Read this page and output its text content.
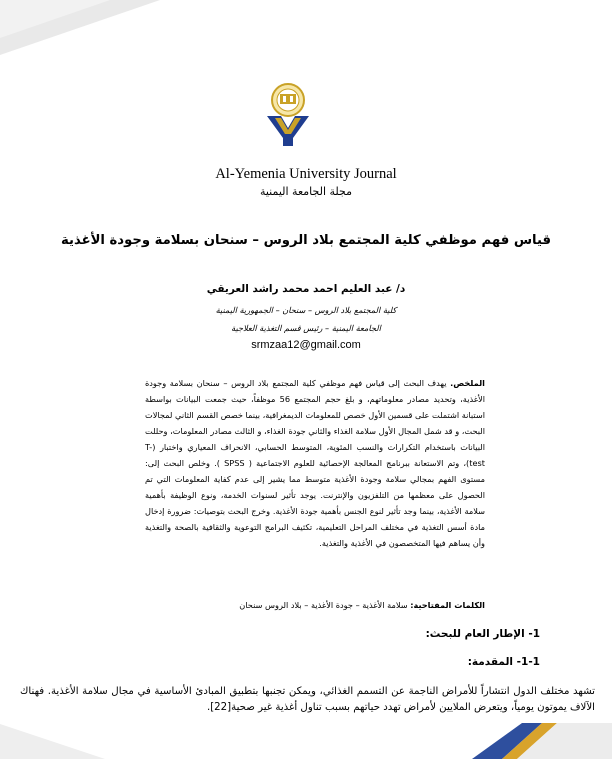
Al-Yemenia University Journal
مجلة الجامعة اليمنية
قياس فهم موظفي كلية المجتمع بلاد الروس – سنحان بسلامة وجودة الأغذية
د/ عبد العليم احمد محمد راشد العريقي
كلية المجتمع بلاد الروس – سنحان – الجمهورية اليمنية
الجامعة اليمنية – رئيس قسم التغذية العلاجية
srmzaa12@gmail.com
الملخص. يهدف البحث إلى قياس فهم موظفي كلية المجتمع بلاد الروس – سنحان بسلامة وجودة الأغذية، وتحديد مصادر معلوماتهم، و بلغ حجم المجتمع 56 موظفاً، حيث جمعت البيانات بواسطة استبانة اشتملت على قسمين الأول خصص للمعلومات الديمغرافية، بينما خصص القسم الثاني لمجالات البحث، و قد شمل المجال الأول سلامة الغذاء والثاني جودة الغذاء، و الثالث مصادر المعلومات، وحللت البيانات باستخدام التكرارات والنسب المئوية، المتوسط الحسابي، الانحراف المعياري واختبار (T-test)، وتم الاستعانة ببرنامج المعالجة الإحصائية للعلوم الاجتماعية ( SPSS ). وخلص البحث إلى: مستوى الفهم بمجالي سلامة وجودة الأغذية متوسط مما يشير إلى عدم كفاية المعلومات التي تم الحصول على معظمها من التلفزيون والإنترنت. يوجد تأثير لسنوات الخدمة، ونوع الوظيفة بأهمية سلامة الأغذية، بينما وجد تأثير لنوع الجنس بأهمية جودة الأغذية. وخرج البحث بتوصيات: ضرورة إدخال مادة أسس التغذية في مختلف المراحل التعليمية، تكثيف البرامج التوعوية والثقافية بالصحة والتغذية وأن يساهم فيها المتخصصون في الأغذية والتغذية.
الكلمات المفتاحية: سلامة الأغذية – جودة الأغذية – بلاد الروس سنحان
1- الإطار العام للبحث:
1-1- المقدمة:
تشهد مختلف الدول انتشاراً للأمراض الناجمة عن التسمم الغذائي، ويمكن تجنبها بتطبيق المبادئ الأساسية في مجال سلامة الأغذية. فهناك الآلاف يموتون يومياً، ويتعرض الملايين لأمراض تهدد حياتهم بسبب تناول أغذية غير صحية[22].
